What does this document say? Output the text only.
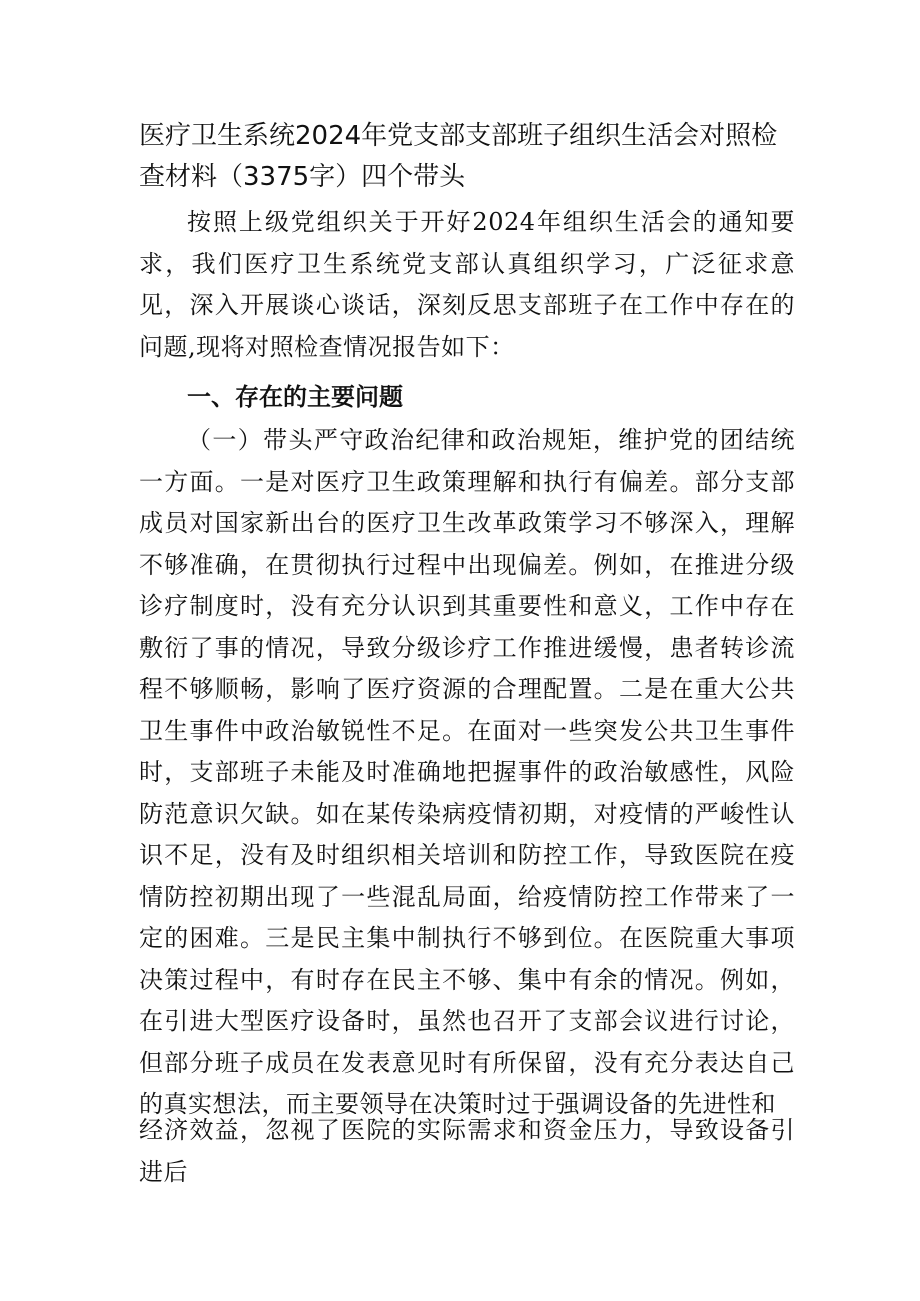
医疗卫生系统2024年党支部支部班子组织生活会对照检查材料（3375字）四个带头

按照上级党组织关于开好2024年组织生活会的通知要求，我们医疗卫生系统党支部认真组织学习，广泛征求意见，深入开展谈心谈话，深刻反思支部班子在工作中存在的问题,现将对照检查情况报告如下：

一、存在的主要问题

（一）带头严守政治纪律和政治规矩，维护党的团结统一方面。一是对医疗卫生政策理解和执行有偏差。部分支部成员对国家新出台的医疗卫生改革政策学习不够深入，理解不够准确，在贯彻执行过程中出现偏差。例如，在推进分级诊疗制度时，没有充分认识到其重要性和意义，工作中存在敷衍了事的情况，导致分级诊疗工作推进缓慢，患者转诊流程不够顺畅，影响了医疗资源的合理配置。二是在重大公共卫生事件中政治敏锐性不足。在面对一些突发公共卫生事件时，支部班子未能及时准确地把握事件的政治敏感性，风险防范意识欠缺。如在某传染病疫情初期，对疫情的严峻性认识不足，没有及时组织相关培训和防控工作，导致医院在疫情防控初期出现了一些混乱局面，给疫情防控工作带来了一定的困难。三是民主集中制执行不够到位。在医院重大事项决策过程中，有时存在民主不够、集中有余的情况。例如，在引进大型医疗设备时，虽然也召开了支部会议进行讨论，但部分班子成员在发表意见时有所保留，没有充分表达自己的真实想法，而主要领导在决策时过于强调设备的先进性和

经济效益，忽视了医院的实际需求和资金压力，导致设备引进后
